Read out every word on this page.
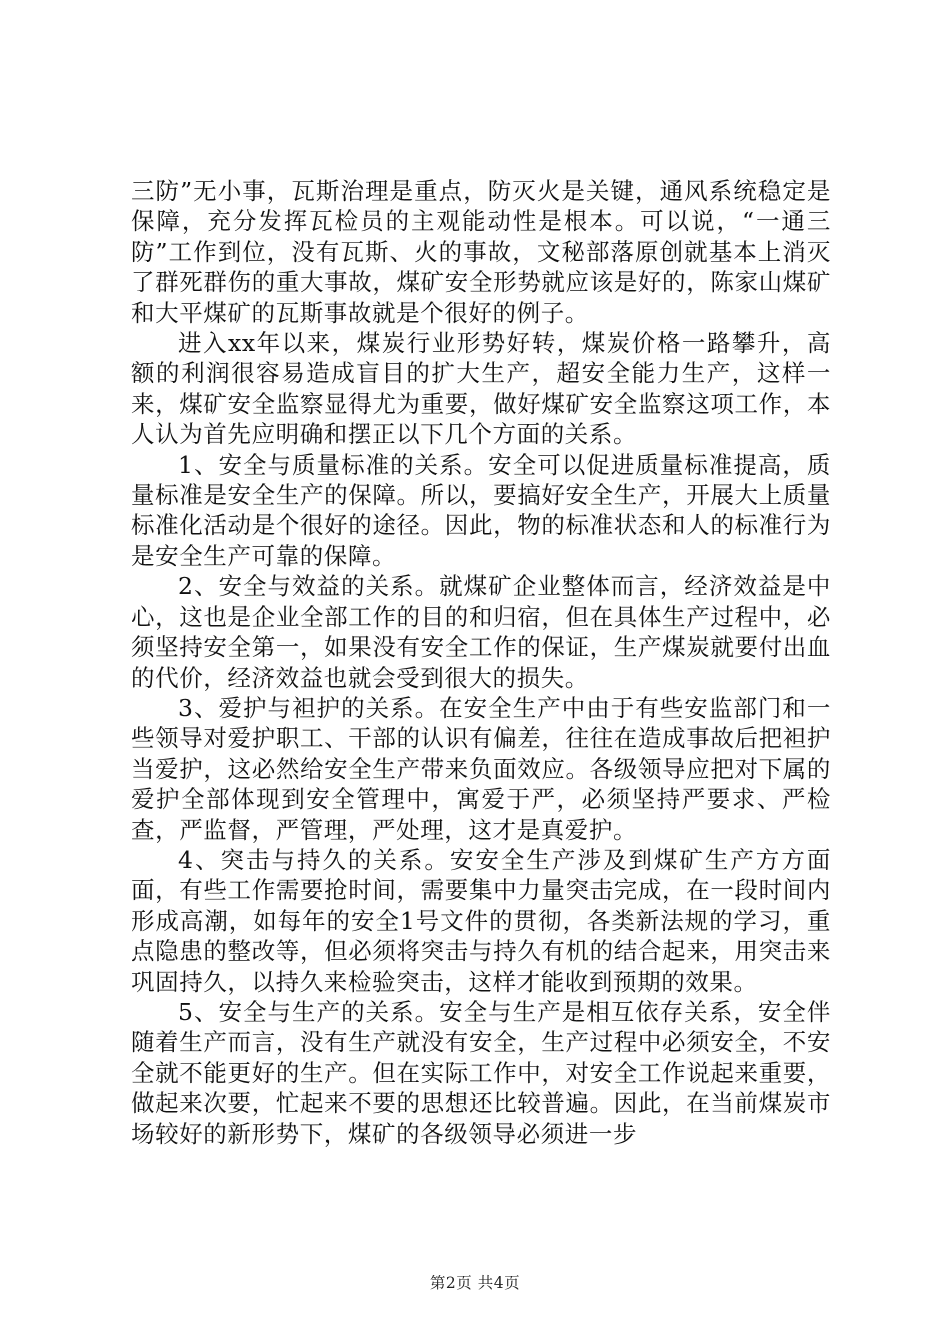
三防”无小事，瓦斯治理是重点，防灭火是关键，通风系统稳定是保障，充分发挥瓦检员的主观能动性是根本。可以说，“一通三防”工作到位，没有瓦斯、火的事故，文秘部落原创就基本上消灭了群死群伤的重大事故，煤矿安全形势就应该是好的，陈家山煤矿和大平煤矿的瓦斯事故就是个很好的例子。

进入xx年以来，煤炭行业形势好转，煤炭价格一路攀升，高额的利润很容易造成盲目的扩大生产，超安全能力生产，这样一来，煤矿安全监察显得尤为重要，做好煤矿安全监察这项工作，本人认为首先应明确和摆正以下几个方面的关系。

1、安全与质量标准的关系。安全可以促进质量标准提高，质量标准是安全生产的保障。所以，要搞好安全生产，开展大上质量标准化活动是个很好的途径。因此，物的标准状态和人的标准行为是安全生产可靠的保障。

2、安全与效益的关系。就煤矿企业整体而言，经济效益是中心，这也是企业全部工作的目的和归宿，但在具体生产过程中，必须坚持安全第一，如果没有安全工作的保证，生产煤炭就要付出血的代价，经济效益也就会受到很大的损失。

3、爱护与袒护的关系。在安全生产中由于有些安监部门和一些领导对爱护职工、干部的认识有偏差，往往在造成事故后把袒护当爱护，这必然给安全生产带来负面效应。各级领导应把对下属的爱护全部体现到安全管理中，寓爱于严，必须坚持严要求、严检查，严监督，严管理，严处理，这才是真爱护。

4、突击与持久的关系。安安全生产涉及到煤矿生产方方面面，有些工作需要抢时间，需要集中力量突击完成，在一段时间内形成高潮，如每年的安全1号文件的贯彻，各类新法规的学习，重点隐患的整改等，但必须将突击与持久有机的结合起来，用突击来巩固持久，以持久来检验突击，这样才能收到预期的效果。

5、安全与生产的关系。安全与生产是相互依存关系，安全伴随着生产而言，没有生产就没有安全，生产过程中必须安全，不安全就不能更好的生产。但在实际工作中，对安全工作说起来重要，做起来次要，忙起来不要的思想还比较普遍。因此，在当前煤炭市场较好的新形势下，煤矿的各级领导必须进一步

第2页 共4页
